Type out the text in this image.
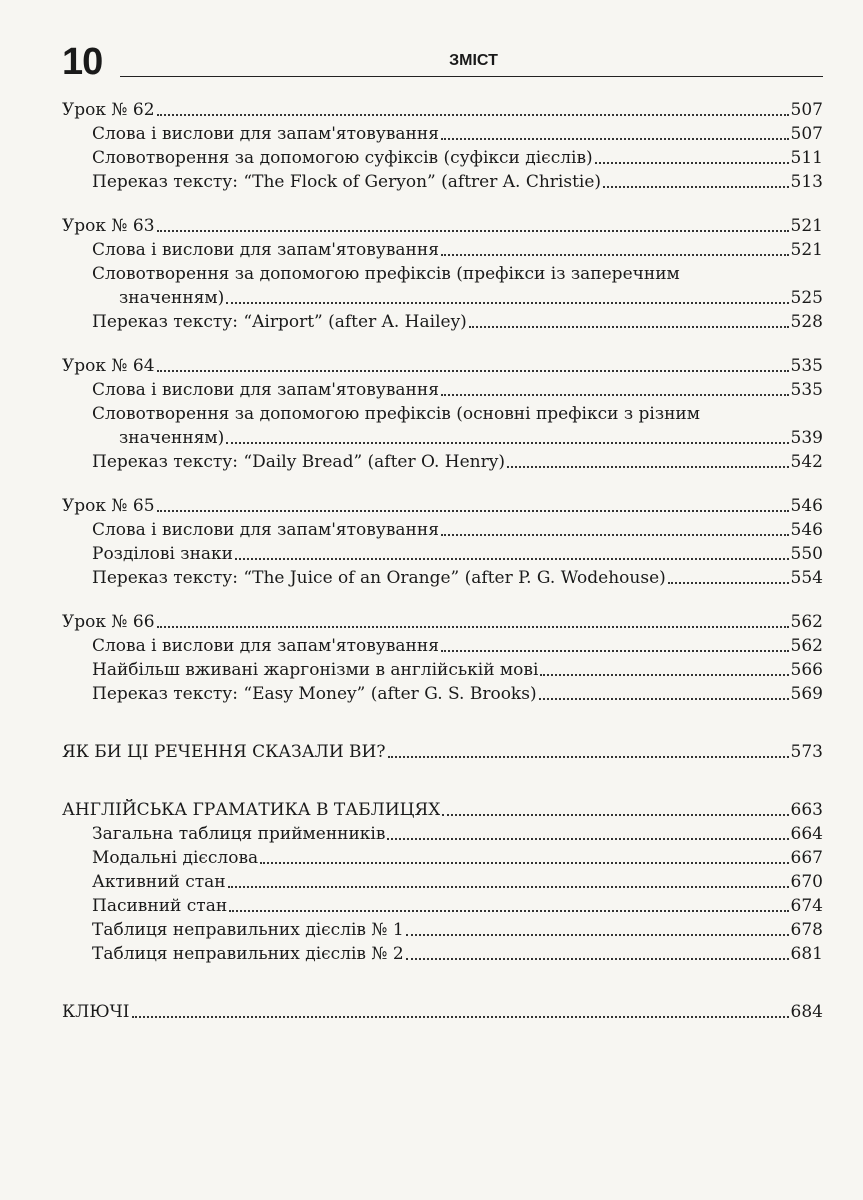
10	ЗМІСТ
Урок № 62	507
Слова і вислови для запам'ятовування	507
Словотворення за допомогою суфіксів (суфікси дієслів)	511
Переказ тексту: “The Flock of Geryon” (aftrer A. Christie)	513
Урок № 63	521
Слова і вислови для запам'ятовування	521
Словотворення за допомогою префіксів (префікси із заперечним
значенням)	525
Переказ тексту: “Airport” (after A. Hailey)	528
Урок № 64	535
Слова і вислови для запам'ятовування	535
Словотворення за допомогою префіксів (основні префікси з різним
значенням)	539
Переказ тексту: “Daily Bread” (after O. Henry)	542
Урок № 65	546
Слова і вислови для запам'ятовування	546
Розділові знаки	550
Переказ тексту: “The Juice of an Orange” (after P. G. Wodehouse)	554
Урок № 66	562
Слова і вислови для запам'ятовування	562
Найбільш вживані жаргонізми в англійській мові	566
Переказ тексту: “Easy Money” (after G. S. Brooks)	569
ЯК БИ ЦІ РЕЧЕННЯ СКАЗАЛИ ВИ?	573
АНГЛІЙСЬКА ГРАМАТИКА В ТАБЛИЦЯХ	663
Загальна таблиця прийменників	664
Модальні дієслова	667
Активний стан	670
Пасивний стан	674
Таблиця неправильних дієслів № 1	678
Таблиця неправильних дієслів № 2	681
КЛЮЧІ	684
